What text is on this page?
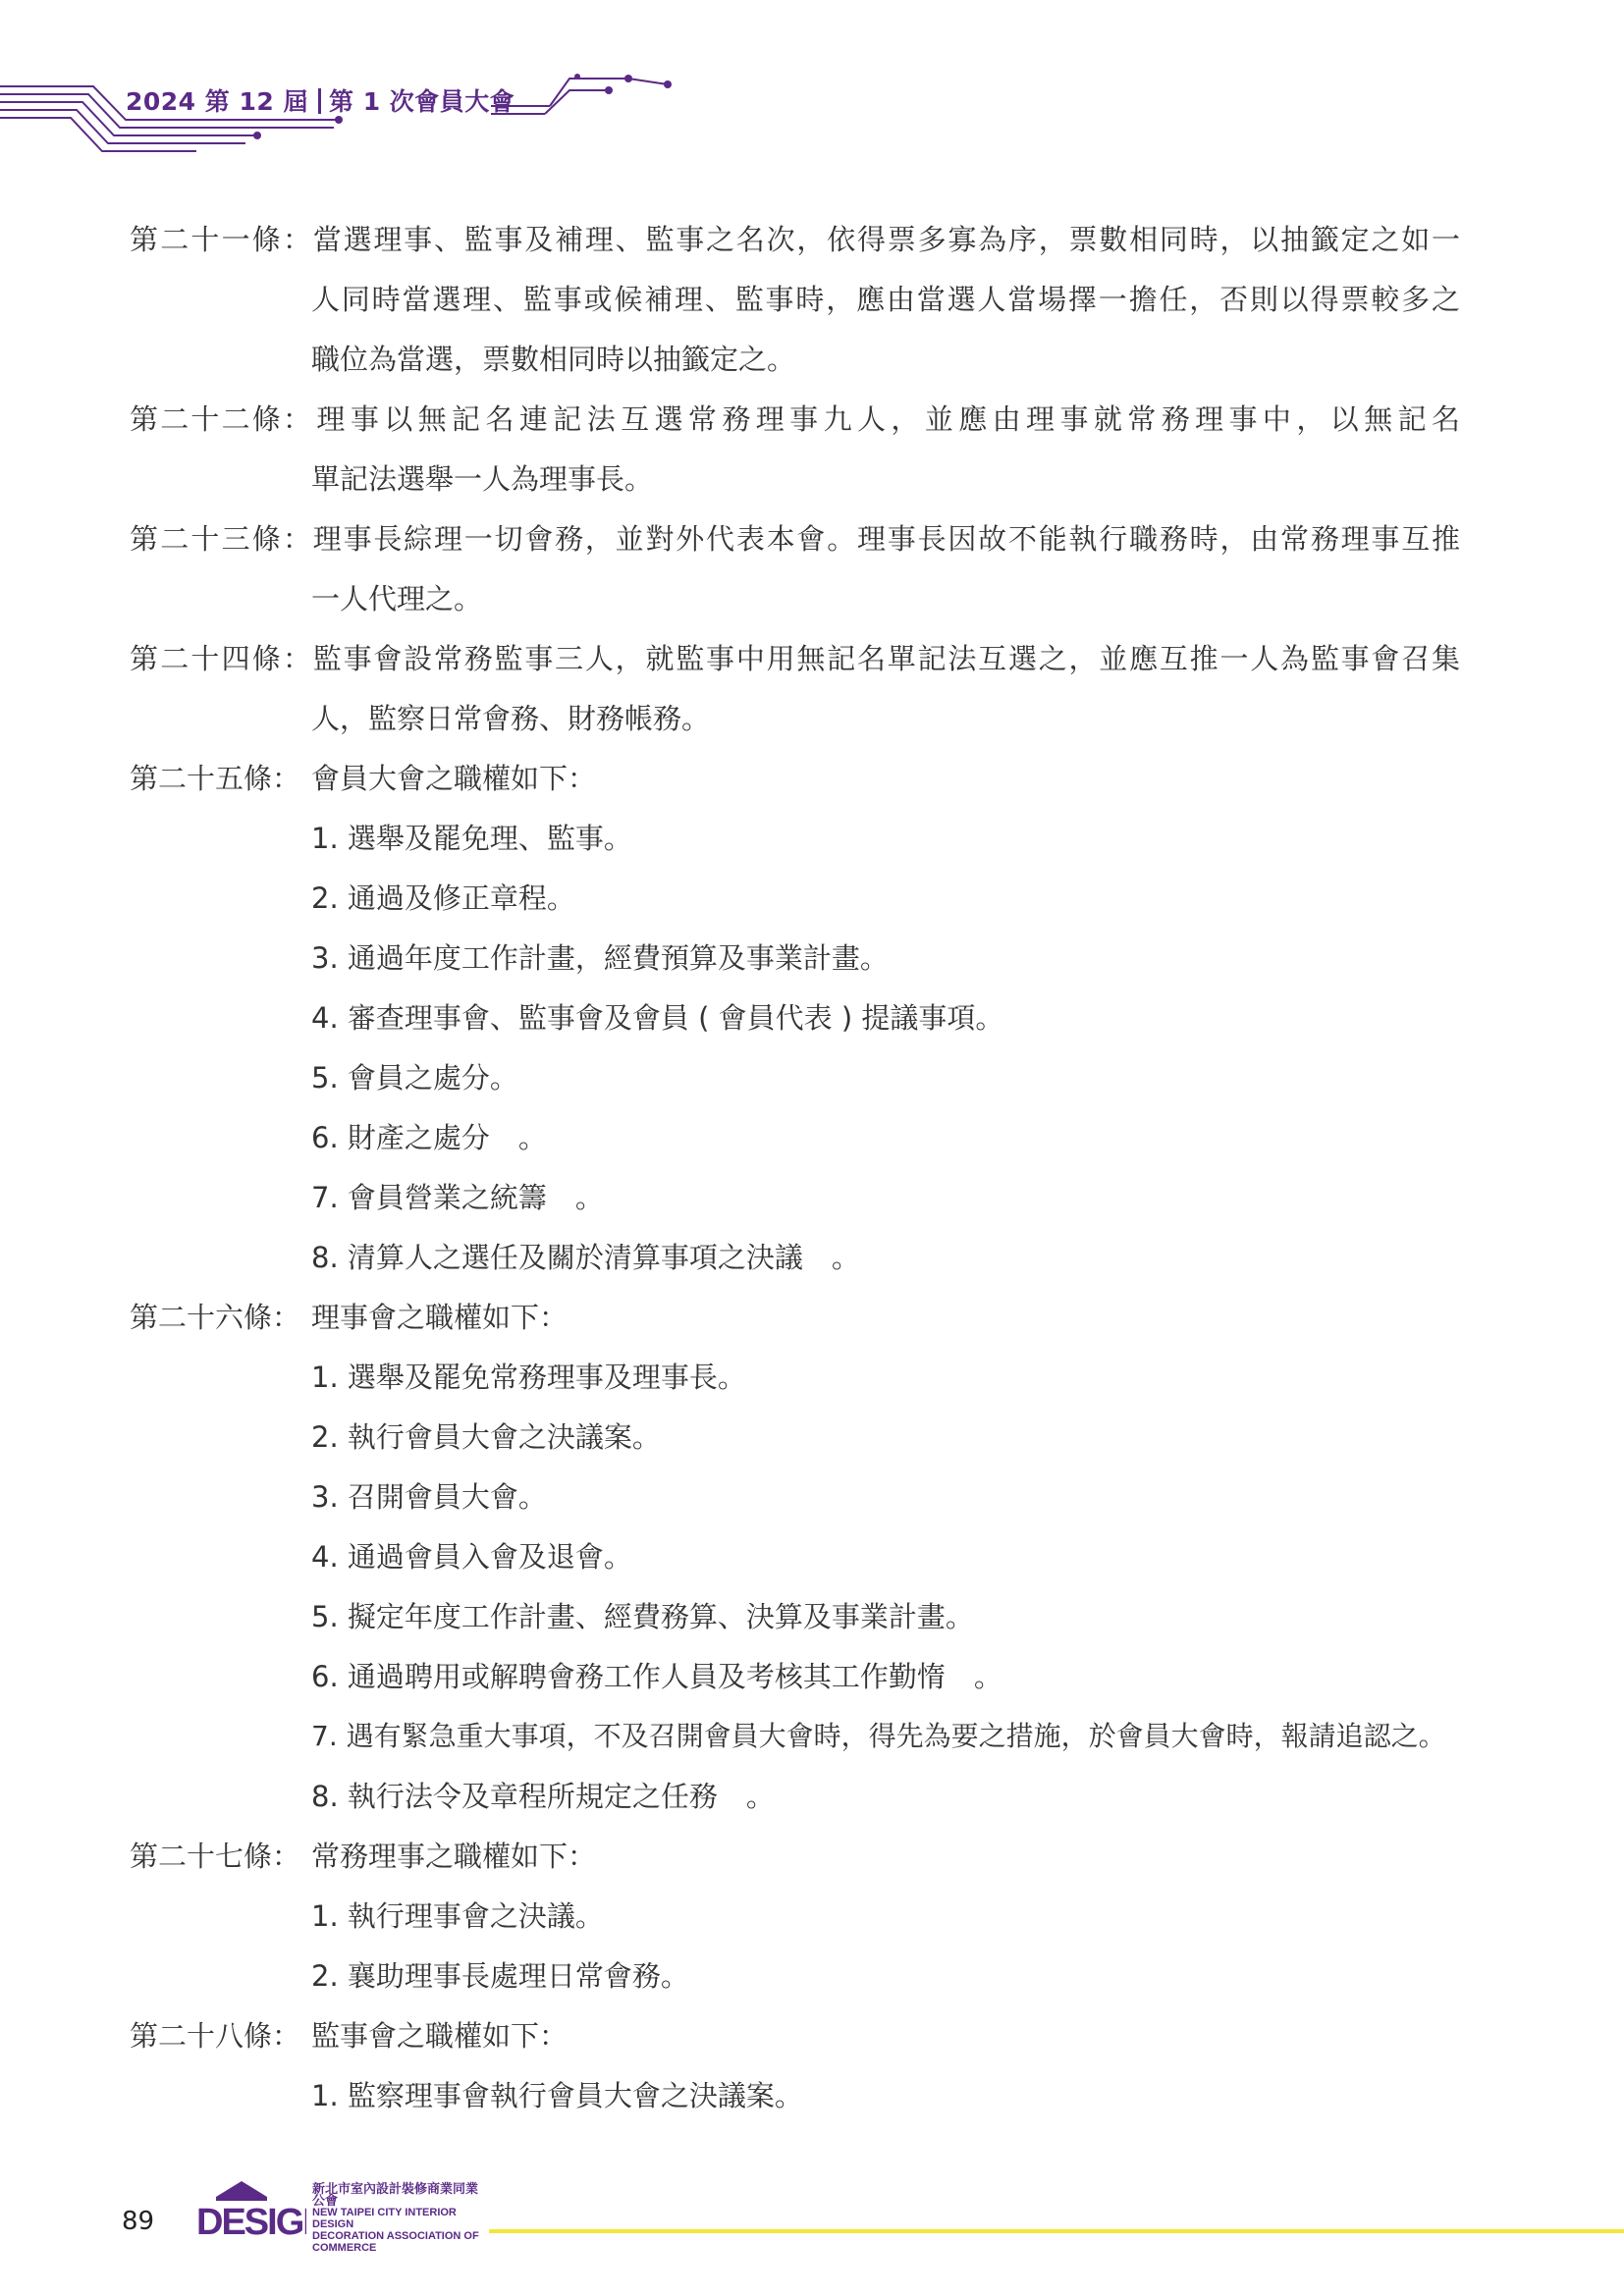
2024 第 12 屆 第 1 次會員大會
第二十一條：當選理事、監事及補理、監事之名次，依得票多寡為序，票數相同時，以抽籤定之如一
人同時當選理、監事或候補理、監事時，應由當選人當場擇一擔任，否則以得票較多之
職位為當選，票數相同時以抽籤定之。
第二十二條：理事以無記名連記法互選常務理事九人，並應由理事就常務理事中，以無記名
單記法選舉一人為理事長。
第二十三條：理事長綜理一切會務，並對外代表本會。理事長因故不能執行職務時，由常務理事互推
一人代理之。
第二十四條：監事會設常務監事三人，就監事中用無記名單記法互選之，並應互推一人為監事會召集
人，監察日常會務、財務帳務。
第二十五條： 會員大會之職權如下：
1. 選舉及罷免理、監事。
2. 通過及修正章程。
3. 通過年度工作計畫，經費預算及事業計畫。
4. 審查理事會、監事會及會員 ( 會員代表 ) 提議事項。
5. 會員之處分。
6. 財產之處分　。
7. 會員營業之統籌　。
8. 清算人之選任及關於清算事項之決議　。
第二十六條： 理事會之職權如下：
1. 選舉及罷免常務理事及理事長。
2. 執行會員大會之決議案。
3. 召開會員大會。
4. 通過會員入會及退會。
5. 擬定年度工作計畫、經費務算、決算及事業計畫。
6. 通過聘用或解聘會務工作人員及考核其工作勤惰　。
7. 遇有緊急重大事項，不及召開會員大會時，得先為要之措施，於會員大會時，報請追認之。
8. 執行法令及章程所規定之任務　。
第二十七條： 常務理事之職權如下：
1. 執行理事會之決議。
2. 襄助理事長處理日常會務。
第二十八條： 監事會之職權如下：
1. 監察理事會執行會員大會之決議案。
89 DESIG
新北市室內設計裝修商業同業公會
NEW TAIPEI CITY INTERIOR DESIGN
DECORATION ASSOCIATION OF COMMERCE
